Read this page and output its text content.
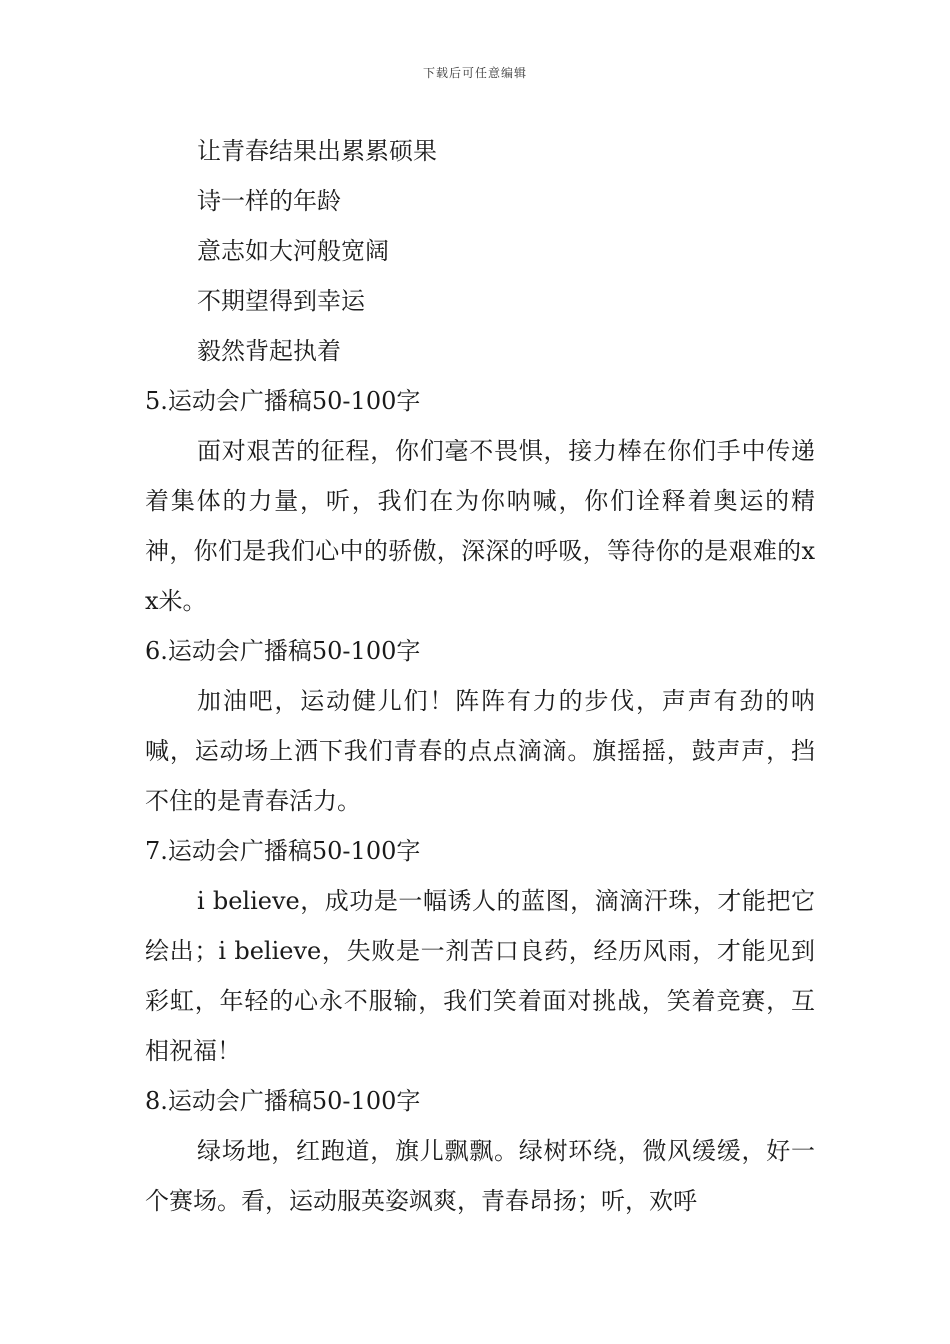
下载后可任意编辑

让青春结果出累累硕果

诗一样的年龄

意志如大河般宽阔

不期望得到幸运

毅然背起执着

5.运动会广播稿50-100字

面对艰苦的征程，你们毫不畏惧，接力棒在你们手中传递着集体的力量，听，我们在为你呐喊，你们诠释着奥运的精神，你们是我们心中的骄傲，深深的呼吸，等待你的是艰难的xx米。

6.运动会广播稿50-100字

加油吧，运动健儿们！阵阵有力的步伐，声声有劲的呐喊，运动场上洒下我们青春的点点滴滴。旗摇摇，鼓声声，挡不住的是青春活力。

7.运动会广播稿50-100字

i believe，成功是一幅诱人的蓝图，滴滴汗珠，才能把它绘出；i believe，失败是一剂苦口良药，经历风雨，才能见到彩虹，年轻的心永不服输，我们笑着面对挑战，笑着竞赛，互相祝福！

8.运动会广播稿50-100字

绿场地，红跑道，旗儿飘飘。绿树环绕，微风缓缓，好一个赛场。看，运动服英姿飒爽，青春昂扬；听，欢呼
